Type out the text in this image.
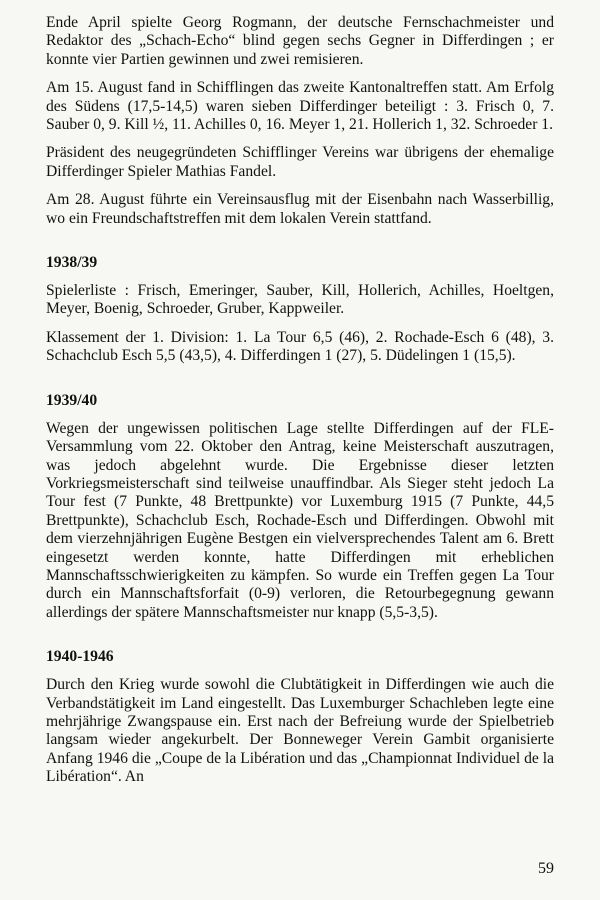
Ende April spielte Georg Rogmann, der deutsche Fernschachmeister und Redaktor des „Schach-Echo“ blind gegen sechs Gegner in Differdingen ; er konnte vier Partien gewinnen und zwei remisieren.

Am 15. August fand in Schifflingen das zweite Kantonaltreffen statt. Am Erfolg des Südens (17,5-14,5) waren sieben Differdinger beteiligt : 3. Frisch 0, 7. Sauber 0, 9. Kill ½, 11. Achilles 0, 16. Meyer 1, 21. Hollerich 1, 32. Schroeder 1.

Präsident des neugegründeten Schifflinger Vereins war übrigens der ehemalige Differdinger Spieler Mathias Fandel.

Am 28. August führte ein Vereinsausflug mit der Eisenbahn nach Wasserbillig, wo ein Freundschaftstreffen mit dem lokalen Verein stattfand.

1938/39

Spielerliste : Frisch, Emeringer, Sauber, Kill, Hollerich, Achilles, Hoeltgen, Meyer, Boenig, Schroeder, Gruber, Kappweiler.

Klassement der 1. Division: 1. La Tour 6,5 (46), 2. Rochade-Esch 6 (48), 3. Schachclub Esch 5,5 (43,5), 4. Differdingen 1 (27), 5. Düdelingen 1 (15,5).

1939/40

Wegen der ungewissen politischen Lage stellte Differdingen auf der FLE-Versammlung vom 22. Oktober den Antrag, keine Meisterschaft auszutragen, was jedoch abgelehnt wurde. Die Ergebnisse dieser letzten Vorkriegsmeisterschaft sind teilweise unauffindbar. Als Sieger steht jedoch La Tour fest (7 Punkte, 48 Brettpunkte) vor Luxemburg 1915 (7 Punkte, 44,5 Brettpunkte), Schachclub Esch, Rochade-Esch und Differdingen. Obwohl mit dem vierzehnjährigen Eugène Bestgen ein vielversprechendes Talent am 6. Brett eingesetzt werden konnte, hatte Differdingen mit erheblichen Mannschaftsschwierigkeiten zu kämpfen. So wurde ein Treffen gegen La Tour durch ein Mannschaftsforfait (0-9) verloren, die Retourbegegnung gewann allerdings der spätere Mannschaftsmeister nur knapp (5,5-3,5).

1940-1946

Durch den Krieg wurde sowohl die Clubtätigkeit in Differdingen wie auch die Verbandstätigkeit im Land eingestellt. Das Luxemburger Schachleben legte eine mehrjährige Zwangspause ein. Erst nach der Befreiung wurde der Spielbetrieb langsam wieder angekurbelt. Der Bonneweger Verein Gambit organisierte Anfang 1946 die „Coupe de la Libération und das „Championnat Individuel de la Libération“. An

59
